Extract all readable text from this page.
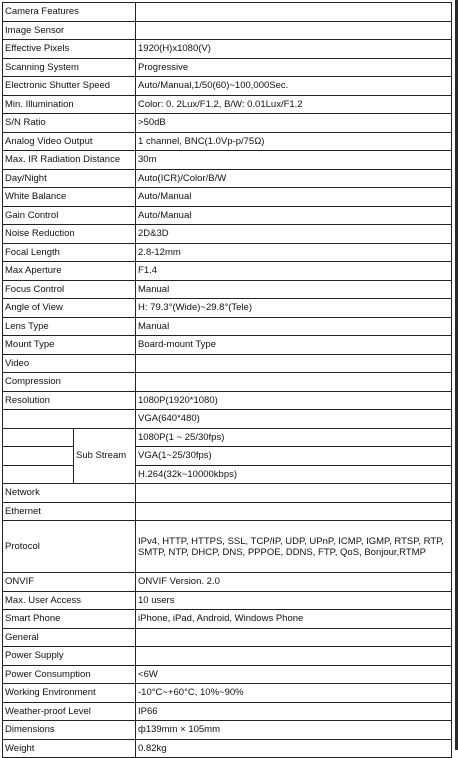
Camera Features		
Image Sensor		
Effective Pixels		1920(H)x1080(V)
Scanning System		Progressive
Electronic Shutter Speed		Auto/Manual,1/50(60)~100,000Sec.
Min. Illumination		Color: 0. 2Lux/F1.2, B/W: 0.01Lux/F1.2
S/N Ratio		>50dB
Analog Video Output		1 channel, BNC(1.0Vp-p/75Ω)
Max. IR Radiation Distance		30m
Day/Night		Auto(ICR)/Color/B/W
White Balance		Auto/Manual
Gain Control		Auto/Manual
Noise Reduction		2D&3D
Focal Length		2.8-12mm
Max Aperture		F1.4
Focus Control		Manual
Angle of View		H: 79.3°(Wide)~29.8°(Tele)
Lens Type		Manual
Mount Type		Board-mount Type
Video		
Compression		
Resolution		1080P(1920*1080)
		VGA(640*480)
	Sub Stream	1080P(1 ~ 25/30fps)
		VGA(1~25/30fps)
		H.264(32k~10000kbps)
Network		
Ethernet		
Protocol		IPv4, HTTP, HTTPS, SSL, TCP/IP, UDP, UPnP, ICMP, IGMP, RTSP, RTP, SMTP, NTP, DHCP, DNS, PPPOE, DDNS, FTP, QoS, Bonjour,RTMP
ONVIF		ONVIF Version. 2.0
Max. User Access		10 users
Smart Phone		iPhone, iPad, Android, Windows Phone
General		
Power Supply		
Power Consumption		<6W
Working Environment		-10°C~+60°C, 10%~90%
Weather-proof Level		IP66
Dimensions		ф139mm × 105mm
Weight		0.82kg
